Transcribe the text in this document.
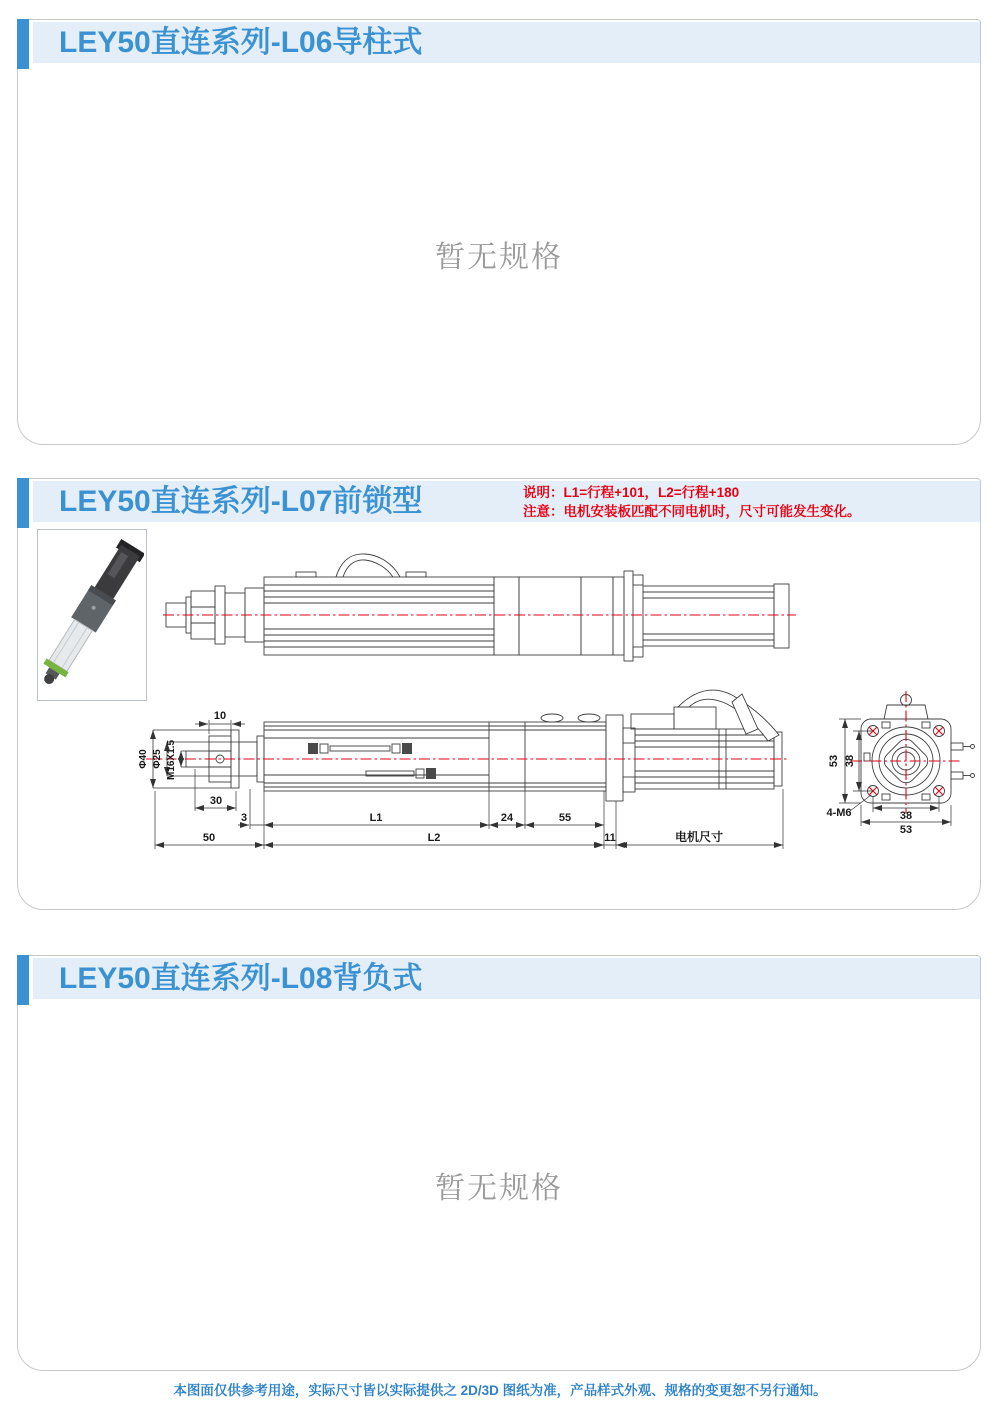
LEY50直连系列-L06导柱式
暂无规格
LEY50直连系列-L07前锁型	说明：L1=行程+101，L2=行程+180
注意：电机安装板匹配不同电机时，尺寸可能发生变化。
Φ40 Φ25 M16X1.5
10
30
3	L1	24	55
50	L2	11	电机尺寸
53 38
38
53
4-M6
LEY50直连系列-L08背负式
暂无规格
本图面仅供参考用途，实际尺寸皆以实际提供之 2D/3D 图纸为准，产品样式外观、规格的变更恕不另行通知。
